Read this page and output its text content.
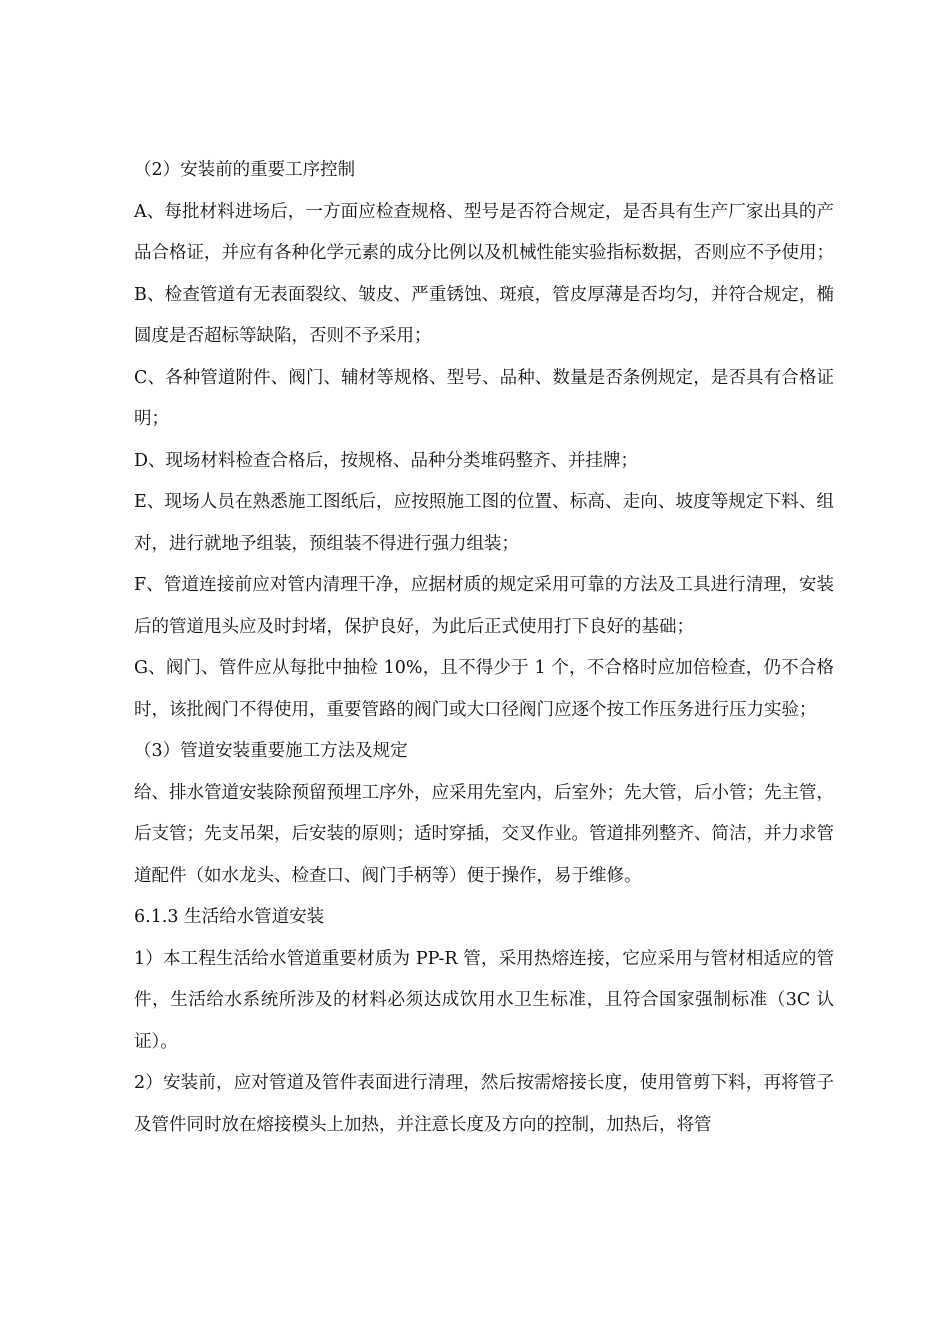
（2）安装前的重要工序控制

A、每批材料进场后，一方面应检查规格、型号是否符合规定，是否具有生产厂家出具的产品合格证，并应有各种化学元素的成分比例以及机械性能实验指标数据，否则应不予使用；

B、检查管道有无表面裂纹、皱皮、严重锈蚀、斑痕，管皮厚薄是否均匀，并符合规定，椭圆度是否超标等缺陷，否则不予采用；

C、各种管道附件、阀门、辅材等规格、型号、品种、数量是否条例规定，是否具有合格证明；

D、现场材料检查合格后，按规格、品种分类堆码整齐、并挂牌；

E、现场人员在熟悉施工图纸后，应按照施工图的位置、标高、走向、坡度等规定下料、组对，进行就地予组装，预组装不得进行强力组装；

F、管道连接前应对管内清理干净，应据材质的规定采用可靠的方法及工具进行清理，安装后的管道甩头应及时封堵，保护良好，为此后正式使用打下良好的基础；

G、阀门、管件应从每批中抽检 10%，且不得少于 1 个，不合格时应加倍检查，仍不合格时，该批阀门不得使用，重要管路的阀门或大口径阀门应逐个按工作压务进行压力实验；

（3）管道安装重要施工方法及规定

给、排水管道安装除预留预埋工序外，应采用先室内，后室外；先大管，后小管；先主管，后支管；先支吊架，后安装的原则；适时穿插，交叉作业。管道排列整齐、简洁，并力求管道配件（如水龙头、检查口、阀门手柄等）便于操作，易于维修。

6.1.3 生活给水管道安装

1）本工程生活给水管道重要材质为 PP-R 管，采用热熔连接，它应采用与管材相适应的管件，生活给水系统所涉及的材料必须达成饮用水卫生标准，且符合国家强制标准（3C 认证）。

2）安装前，应对管道及管件表面进行清理，然后按需熔接长度，使用管剪下料，再将管子及管件同时放在熔接模头上加热，并注意长度及方向的控制，加热后，将管
